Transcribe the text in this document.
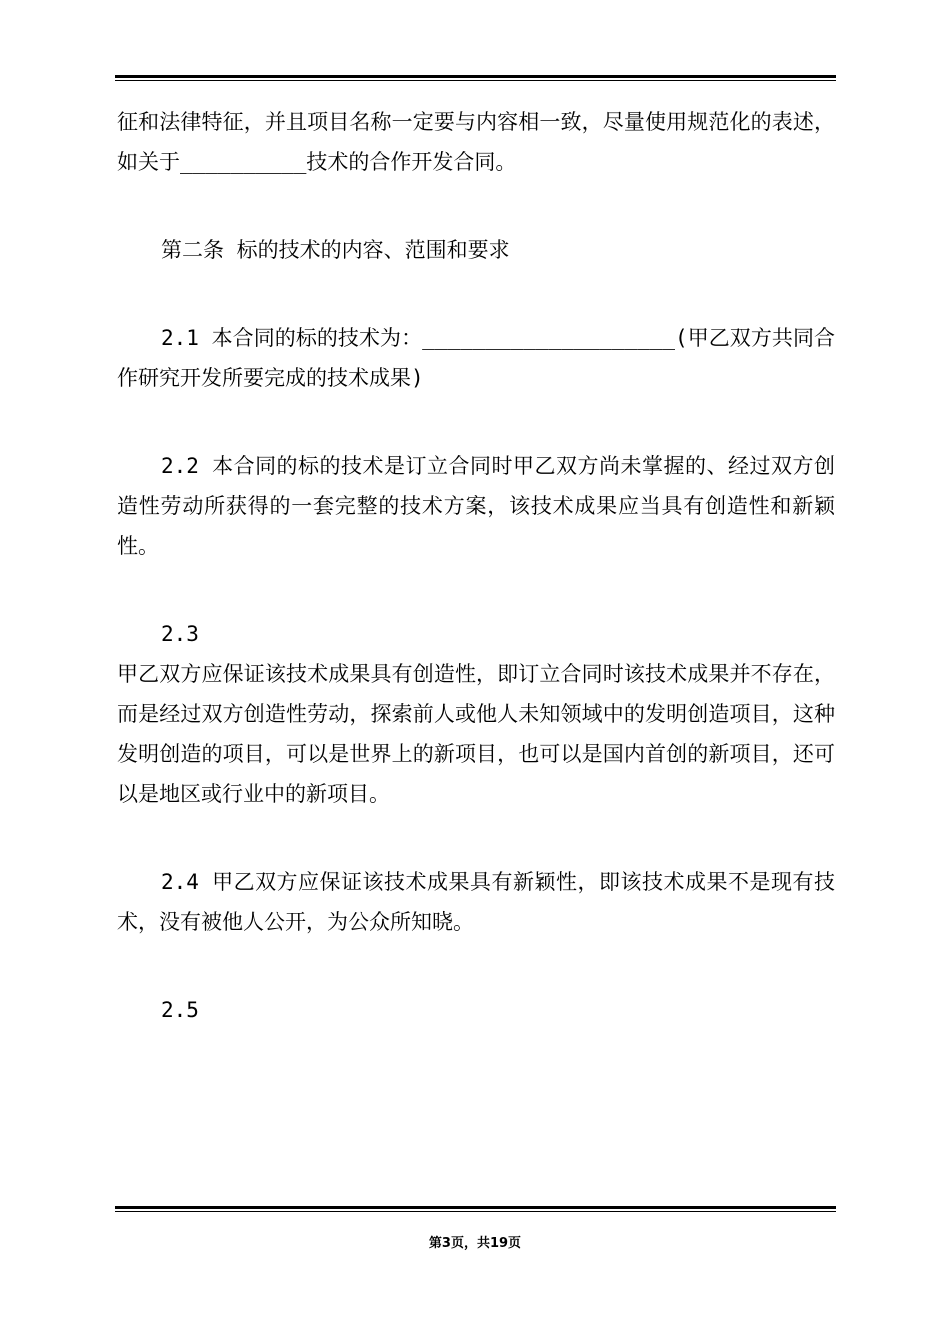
征和法律特征，并且项目名称一定要与内容相一致，尽量使用规范化的表述，如关于__________技术的合作开发合同。

第二条 标的技术的内容、范围和要求

2.1 本合同的标的技术为：____________________(甲乙双方共同合作研究开发所要完成的技术成果)

2.2 本合同的标的技术是订立合同时甲乙双方尚未掌握的、经过双方创造性劳动所获得的一套完整的技术方案，该技术成果应当具有创造性和新颖性。

2.3

甲乙双方应保证该技术成果具有创造性，即订立合同时该技术成果并不存在，而是经过双方创造性劳动，探索前人或他人未知领域中的发明创造项目，这种发明创造的项目，可以是世界上的新项目，也可以是国内首创的新项目，还可以是地区或行业中的新项目。

2.4 甲乙双方应保证该技术成果具有新颖性，即该技术成果不是现有技术，没有被他人公开，为公众所知晓。

2.5

第3页，共19页
